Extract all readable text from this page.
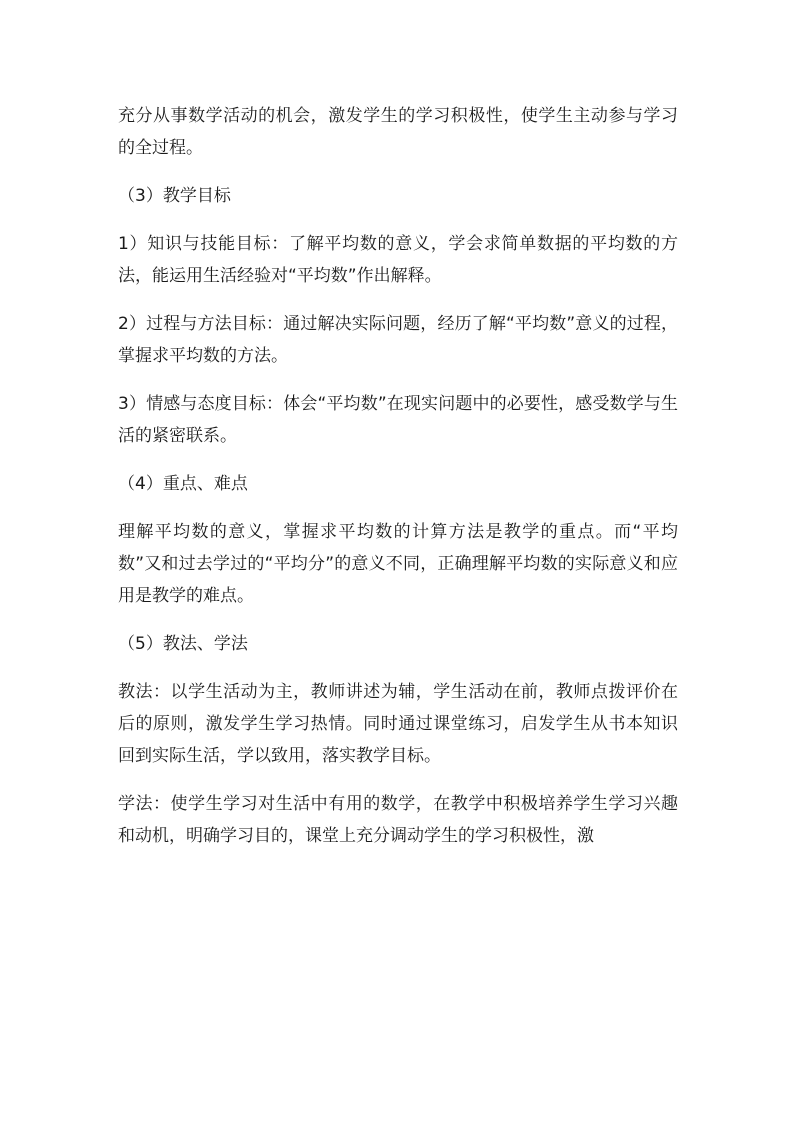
充分从事数学活动的机会，激发学生的学习积极性，使学生主动参与学习的全过程。

（3）教学目标

1）知识与技能目标：了解平均数的意义，学会求简单数据的平均数的方法，能运用生活经验对“平均数”作出解释。

2）过程与方法目标：通过解决实际问题，经历了解“平均数”意义的过程，掌握求平均数的方法。

3）情感与态度目标：体会“平均数”在现实问题中的必要性，感受数学与生活的紧密联系。

（4）重点、难点

理解平均数的意义，掌握求平均数的计算方法是教学的重点。而“平均数”又和过去学过的“平均分”的意义不同，正确理解平均数的实际意义和应用是教学的难点。

（5）教法、学法

教法：以学生活动为主，教师讲述为辅，学生活动在前，教师点拨评价在后的原则，激发学生学习热情。同时通过课堂练习，启发学生从书本知识回到实际生活，学以致用，落实教学目标。

学法：使学生学习对生活中有用的数学，在教学中积极培养学生学习兴趣和动机，明确学习目的，课堂上充分调动学生的学习积极性，激
